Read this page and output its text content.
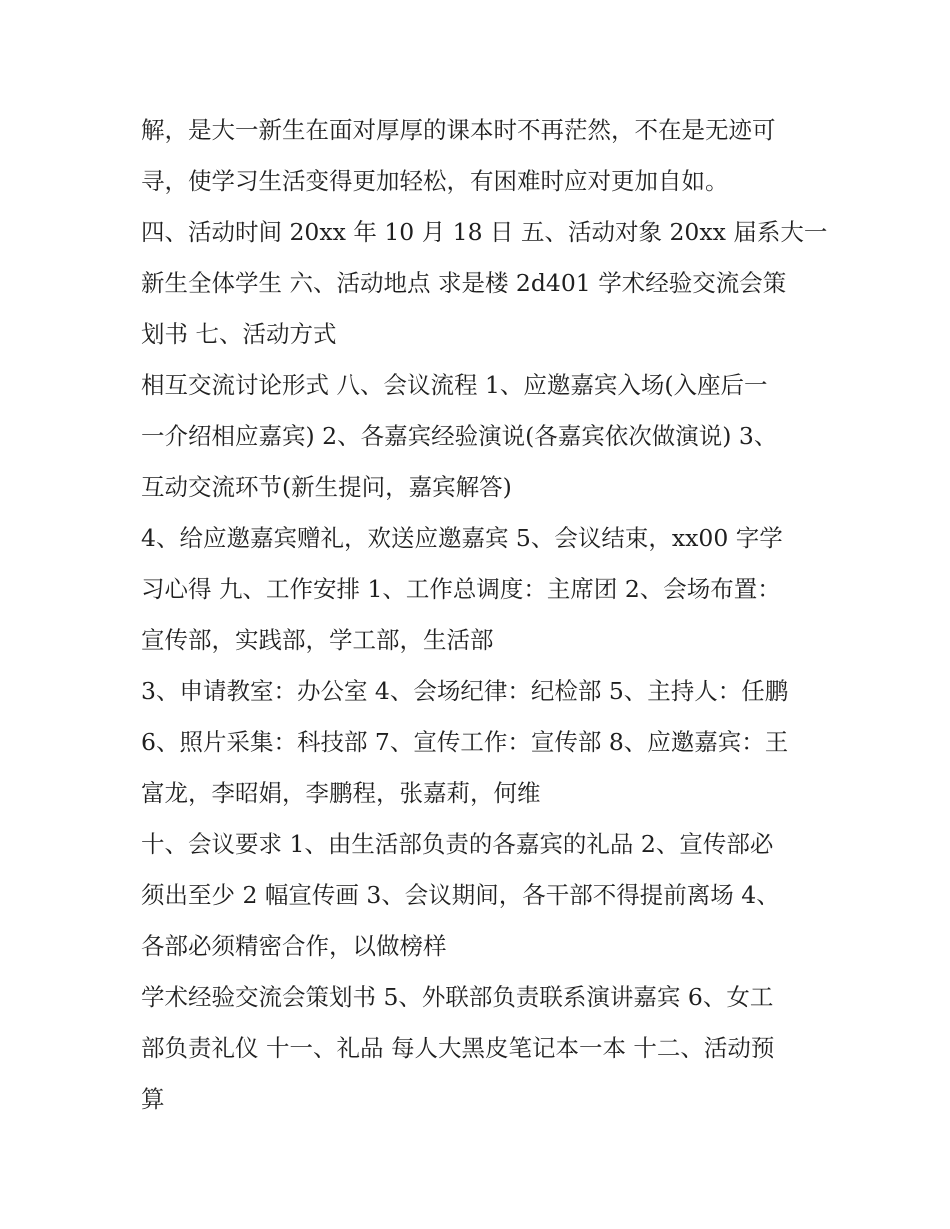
解，是大一新生在面对厚厚的课本时不再茫然，不在是无迹可
寻，使学习生活变得更加轻松，有困难时应对更加自如。
四、活动时间 20xx 年 10 月 18 日 五、活动对象 20xx 届系大一
新生全体学生 六、活动地点 求是楼 2d401 学术经验交流会策
划书 七、活动方式
相互交流讨论形式 八、会议流程 1、应邀嘉宾入场(入座后一
一介绍相应嘉宾) 2、各嘉宾经验演说(各嘉宾依次做演说) 3、
互动交流环节(新生提问，嘉宾解答)
4、给应邀嘉宾赠礼，欢送应邀嘉宾 5、会议结束，xx00 字学
习心得 九、工作安排 1、工作总调度：主席团 2、会场布置：
宣传部，实践部，学工部，生活部
3、申请教室：办公室 4、会场纪律：纪检部 5、主持人：任鹏
6、照片采集：科技部 7、宣传工作：宣传部 8、应邀嘉宾：王
富龙，李昭娟，李鹏程，张嘉莉，何维
十、会议要求 1、由生活部负责的各嘉宾的礼品 2、宣传部必
须出至少 2 幅宣传画 3、会议期间，各干部不得提前离场 4、
各部必须精密合作，以做榜样
学术经验交流会策划书 5、外联部负责联系演讲嘉宾 6、女工
部负责礼仪 十一、礼品 每人大黑皮笔记本一本 十二、活动预
算
